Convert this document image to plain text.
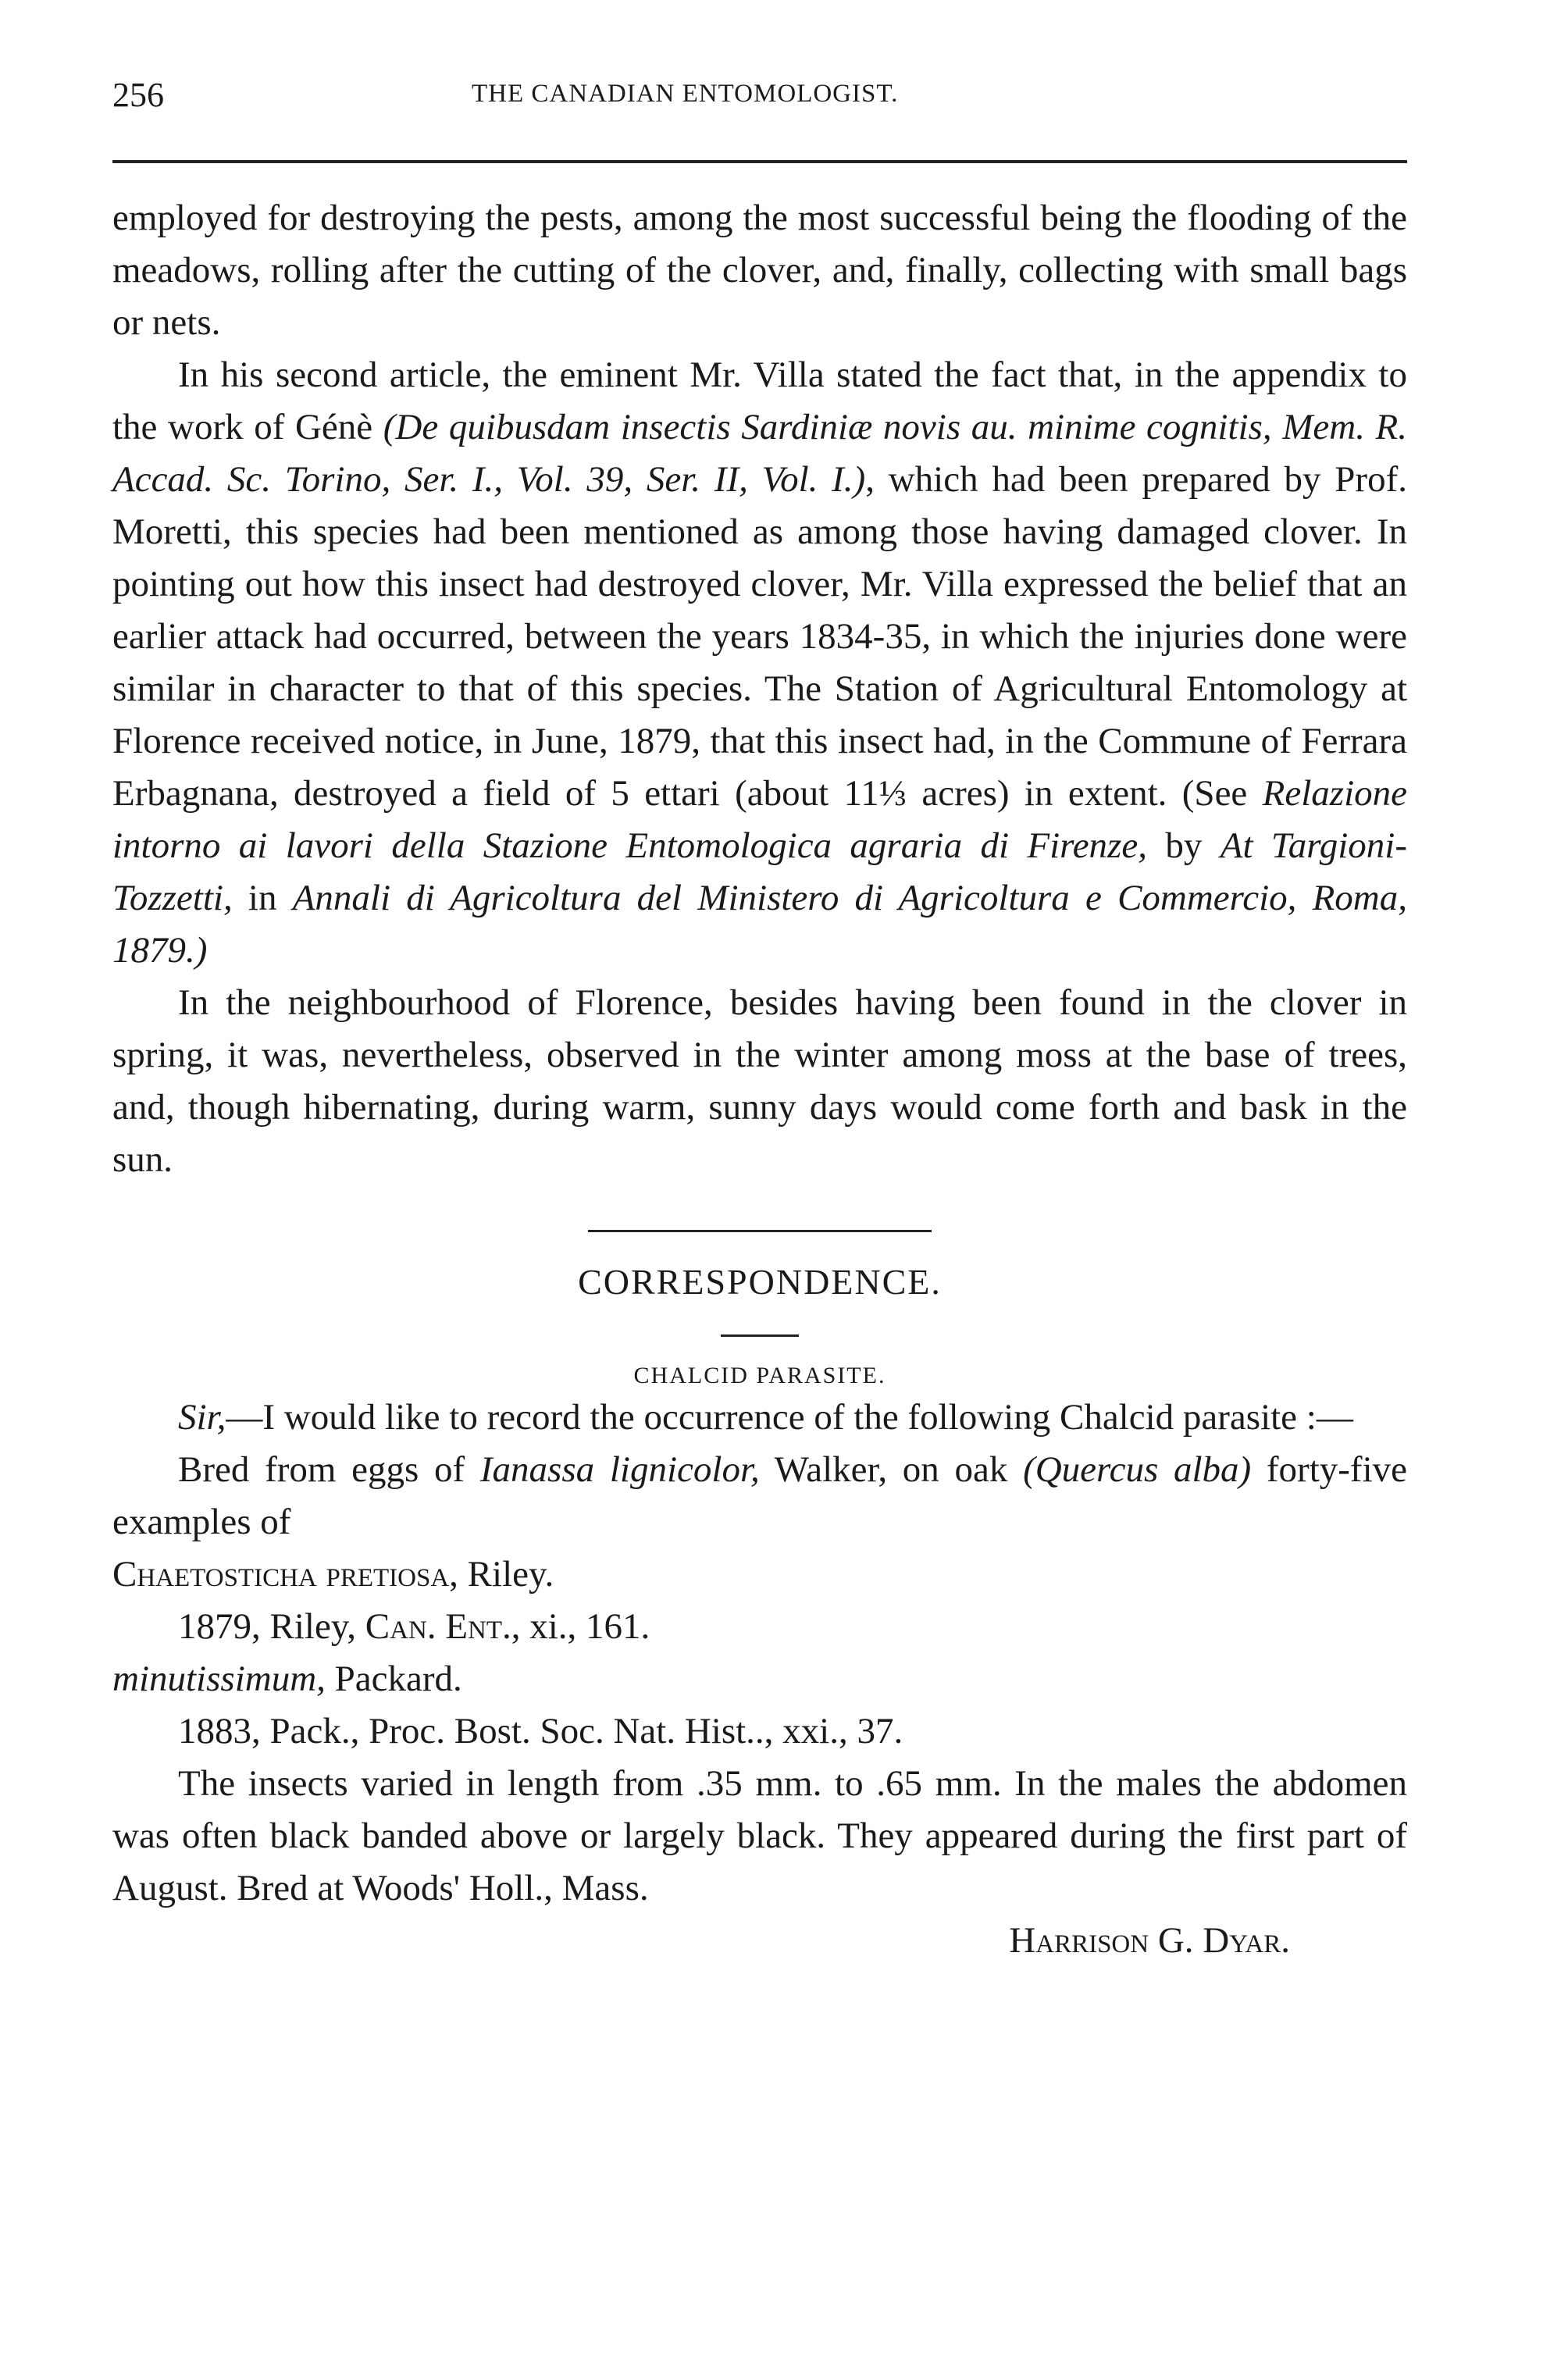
256	THE CANADIAN ENTOMOLOGIST.

employed for destroying the pests, among the most successful being the flooding of the meadows, rolling after the cutting of the clover, and, finally, collecting with small bags or nets.

In his second article, the eminent Mr. Villa stated the fact that, in the appendix to the work of Génè (De quibusdam insectis Sardiniæ novis au. minime cognitis, Mem. R. Accad. Sc. Torino, Ser. I., Vol. 39, Ser. II, Vol. I.), which had been prepared by Prof. Moretti, this species had been mentioned as among those having damaged clover. In pointing out how this insect had destroyed clover, Mr. Villa expressed the belief that an earlier attack had occurred, between the years 1834-35, in which the injuries done were similar in character to that of this species. The Station of Agricultural Entomology at Florence received notice, in June, 1879, that this insect had, in the Commune of Ferrara Erbagnana, destroyed a field of 5 ettari (about 11⅓ acres) in extent. (See Relazione intorno ai lavori della Stazione Entomologica agraria di Firenze, by At Targioni-Tozzetti, in Annali di Agricoltura del Ministero di Agricoltura e Commercio, Roma, 1879.)

In the neighbourhood of Florence, besides having been found in the clover in spring, it was, nevertheless, observed in the winter among moss at the base of trees, and, though hibernating, during warm, sunny days would come forth and bask in the sun.

CORRESPONDENCE.

CHALCID PARASITE.

Sir,—I would like to record the occurrence of the following Chalcid parasite :—

Bred from eggs of Ianassa lignicolor, Walker, on oak (Quercus alba) forty-five examples of

Chaetosticha pretiosa, Riley.

1879, Riley, Can. Ent., xi., 161.

minutissimum, Packard.

1883, Pack., Proc. Bost. Soc. Nat. Hist.., xxi., 37.

The insects varied in length from .35 mm. to .65 mm. In the males the abdomen was often black banded above or largely black. They appeared during the first part of August. Bred at Woods' Holl., Mass.

Harrison G. Dyar.
